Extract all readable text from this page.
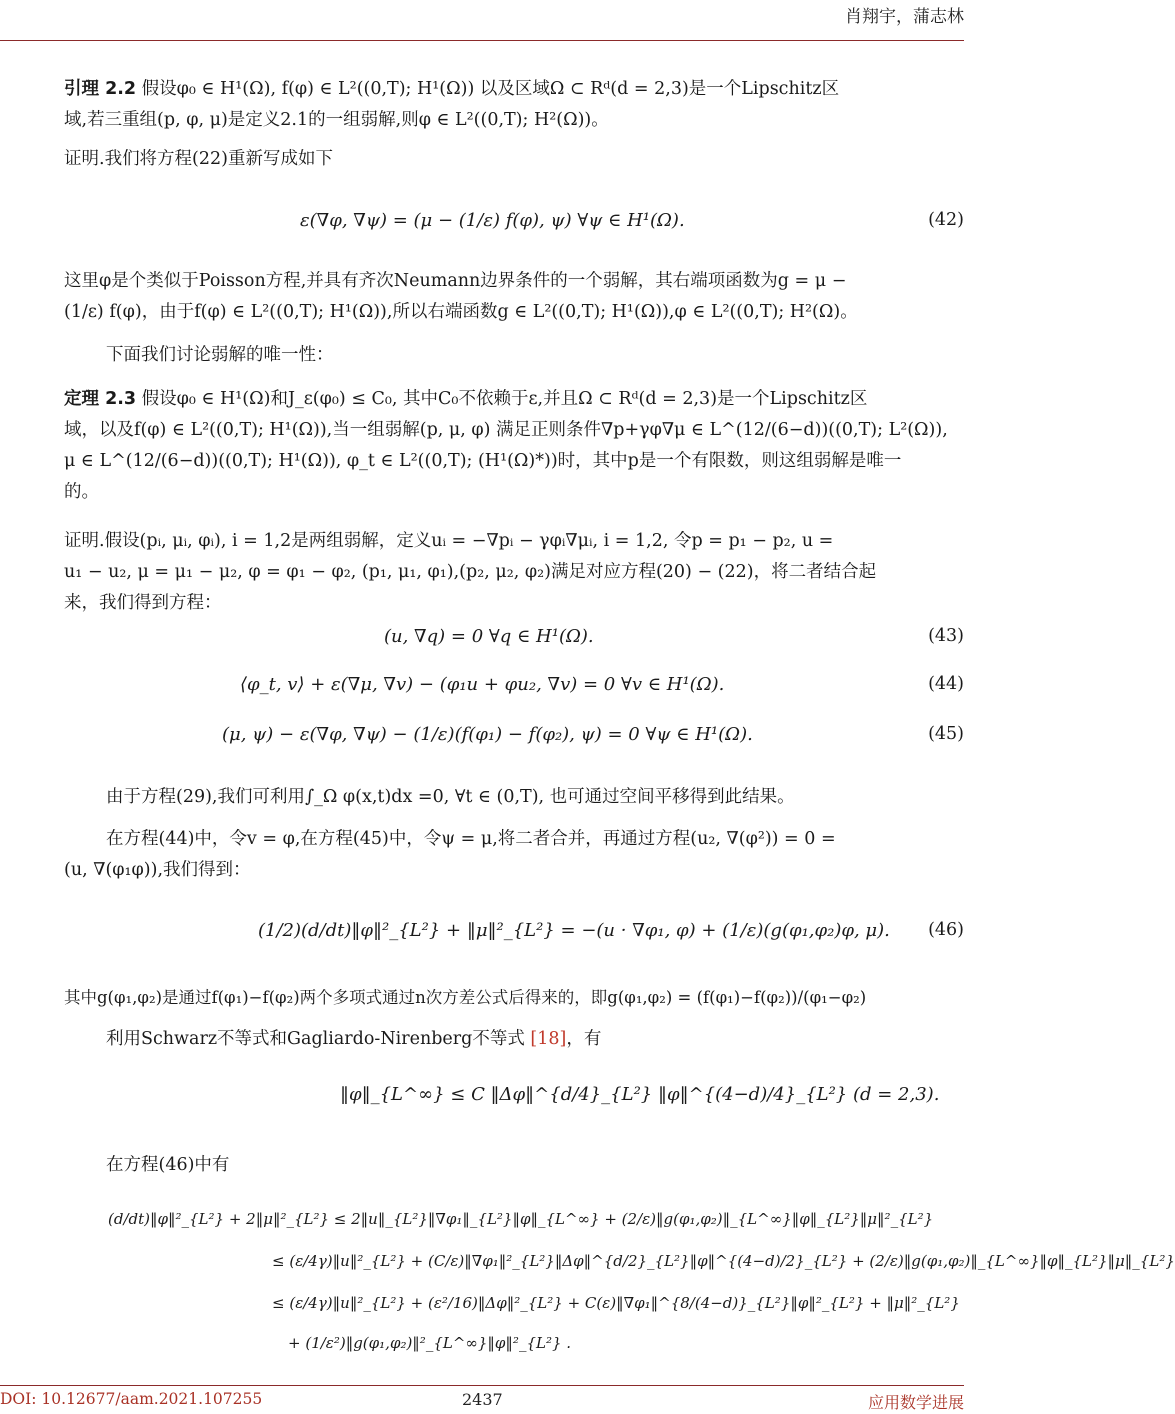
肖翔宇，蒲志林
引理 2.2 假设φ₀ ∈ H¹(Ω), f(φ) ∈ L²((0,T); H¹(Ω)) 以及区域Ω ⊂ Rᵈ(d = 2,3)是一个Lipschitz区
域,若三重组(p, φ, μ)是定义2.1的一组弱解,则φ ∈ L²((0,T); H²(Ω))。
证明.我们将方程(22)重新写成如下
ε(∇φ, ∇ψ) = (μ − (1/ε) f(φ), ψ) ∀ψ ∈ H¹(Ω).	(42)
这里φ是个类似于Poisson方程,并具有齐次Neumann边界条件的一个弱解，其右端项函数为g = μ −
(1/ε) f(φ)，由于f(φ) ∈ L²((0,T); H¹(Ω)),所以右端函数g ∈ L²((0,T); H¹(Ω)),φ ∈ L²((0,T); H²(Ω)。
下面我们讨论弱解的唯一性：
定理 2.3 假设φ₀ ∈ H¹(Ω)和J_ε(φ₀) ≤ C₀, 其中C₀不依赖于ε,并且Ω ⊂ Rᵈ(d = 2,3)是一个Lipschitz区
域，以及f(φ) ∈ L²((0,T); H¹(Ω)),当一组弱解(p, μ, φ) 满足正则条件∇p+γφ∇μ ∈ L^(12/(6−d))((0,T); L²(Ω)),
μ ∈ L^(12/(6−d))((0,T); H¹(Ω)), φ_t ∈ L²((0,T); (H¹(Ω)*))时，其中p是一个有限数，则这组弱解是唯一
的。
证明.假设(pᵢ, μᵢ, φᵢ), i = 1,2是两组弱解，定义uᵢ = −∇pᵢ − γφᵢ∇μᵢ, i = 1,2, 令p = p₁ − p₂, u =
u₁ − u₂, μ = μ₁ − μ₂, φ = φ₁ − φ₂, (p₁, μ₁, φ₁),(p₂, μ₂, φ₂)满足对应方程(20) − (22)，将二者结合起
来，我们得到方程：
(u, ∇q) = 0 ∀q ∈ H¹(Ω).	(43)
⟨φ_t, v⟩ + ε(∇μ, ∇v) − (φ₁u + φu₂, ∇v) = 0 ∀v ∈ H¹(Ω).	(44)
(μ, ψ) − ε(∇φ, ∇ψ) − (1/ε)(f(φ₁) − f(φ₂), ψ) = 0 ∀ψ ∈ H¹(Ω).	(45)
由于方程(29),我们可利用∫_Ω φ(x,t)dx =0, ∀t ∈ (0,T), 也可通过空间平移得到此结果。
在方程(44)中，令v = φ,在方程(45)中，令ψ = μ,将二者合并，再通过方程(u₂, ∇(φ²)) = 0 =
(u, ∇(φ₁φ)),我们得到：
(1/2)(d/dt)‖φ‖²_{L²} + ‖μ‖²_{L²} = −(u · ∇φ₁, φ) + (1/ε)(g(φ₁,φ₂)φ, μ). (46)
其中g(φ₁,φ₂)是通过f(φ₁)−f(φ₂)两个多项式通过n次方差公式后得来的，即g(φ₁,φ₂) = (f(φ₁)−f(φ₂))/(φ₁−φ₂)
利用Schwarz不等式和Gagliardo-Nirenberg不等式 [18]，有
‖φ‖_{L^∞} ≤ C ‖Δφ‖^{d/4}_{L²} ‖φ‖^{(4−d)/4}_{L²} (d = 2,3).
在方程(46)中有
(d/dt)‖φ‖²_{L²} + 2‖μ‖²_{L²} ≤ 2‖u‖_{L²}‖∇φ₁‖_{L²}‖φ‖_{L^∞} + (2/ε)‖g(φ₁,φ₂)‖_{L^∞}‖φ‖_{L²}‖μ‖²_{L²}
≤ (ε/4γ)‖u‖²_{L²} + (C/ε)‖∇φ₁‖²_{L²}‖Δφ‖^{d/2}_{L²}‖φ‖^{(4−d)/2}_{L²} + (2/ε)‖g(φ₁,φ₂)‖_{L^∞}‖φ‖_{L²}‖μ‖_{L²}
≤ (ε/4γ)‖u‖²_{L²} + (ε²/16)‖Δφ‖²_{L²} + C(ε)‖∇φ₁‖^{8/(4−d)}_{L²}‖φ‖²_{L²} + ‖μ‖²_{L²}
+ (1/ε²)‖g(φ₁,φ₂)‖²_{L^∞}‖φ‖²_{L²} .
DOI: 10.12677/aam.2021.107255	2437	应用数学进展
